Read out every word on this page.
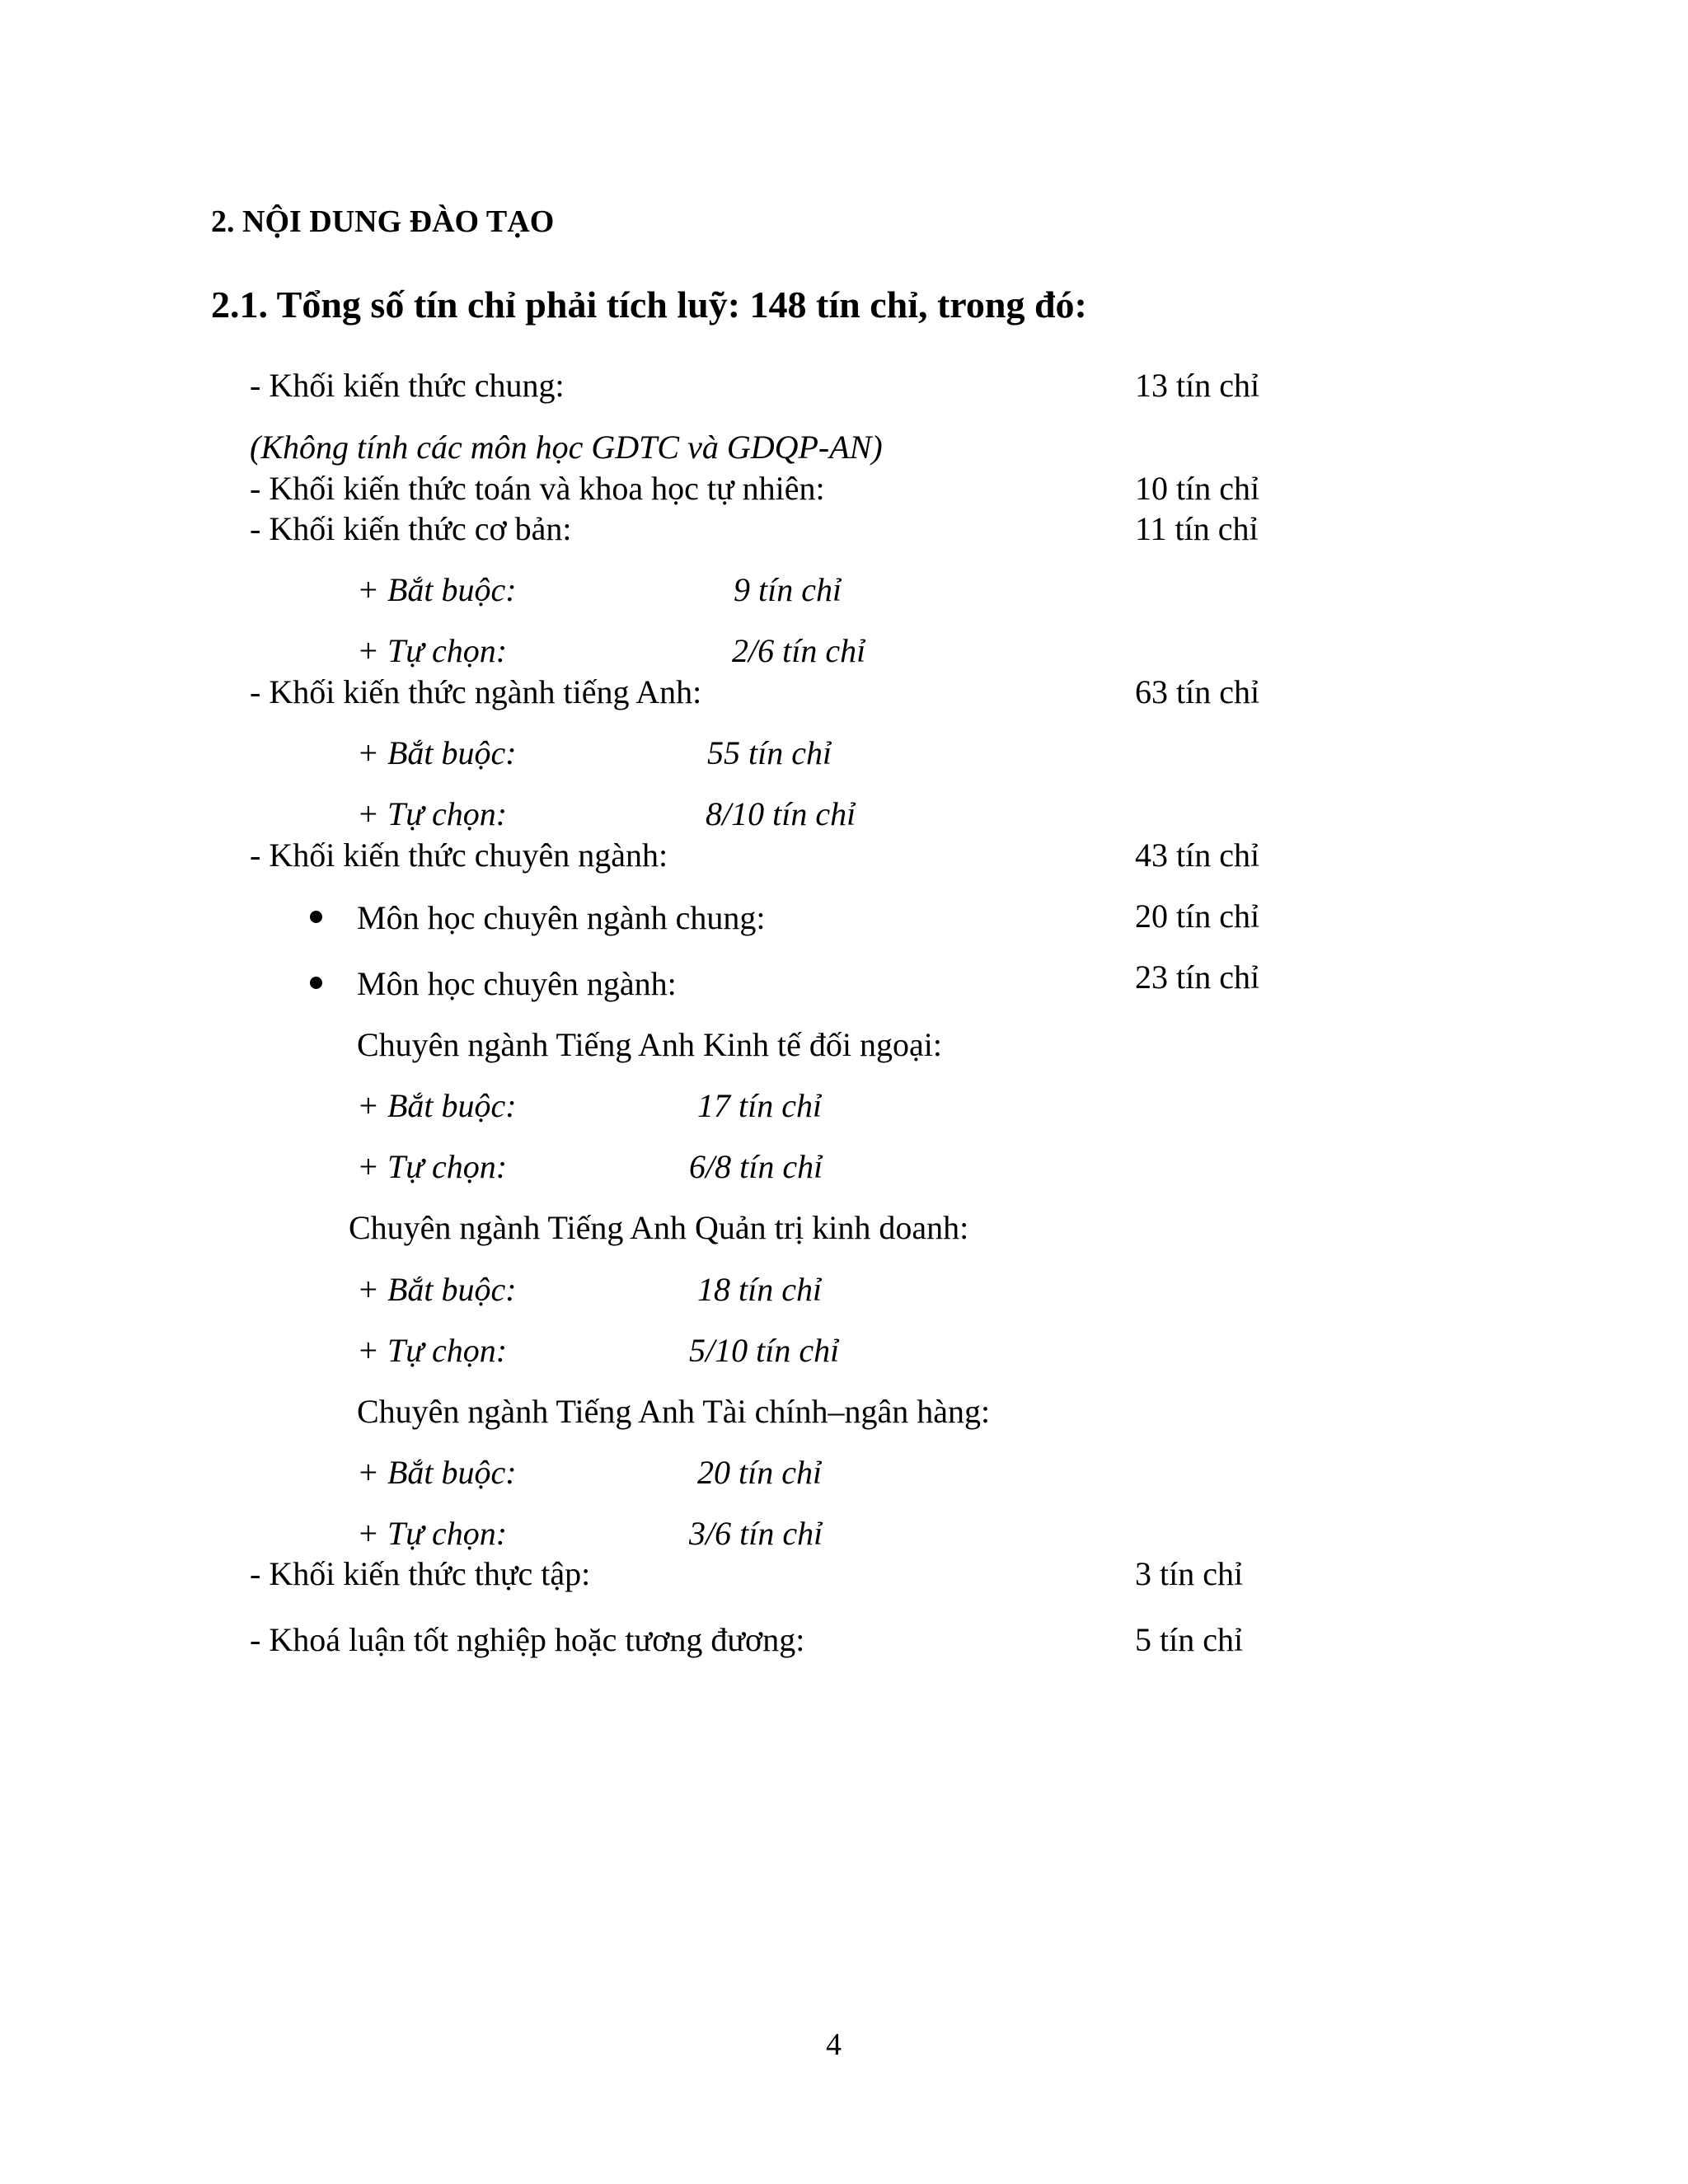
2. NỘI DUNG ĐÀO TẠO
2.1. Tổng số tín chỉ phải tích luỹ: 148 tín chỉ, trong đó:
- Khối kiến thức chung:	13 tín chỉ
(Không tính các môn học GDTC và GDQP-AN)
- Khối kiến thức toán và khoa học tự nhiên:	10 tín chỉ
- Khối kiến thức cơ bản:	11 tín chỉ
+ Bắt buộc:	9 tín chỉ
+ Tự chọn:	2/6 tín chỉ
- Khối kiến thức ngành tiếng Anh:	63 tín chỉ
+ Bắt buộc:	55 tín chỉ
+ Tự chọn:	8/10 tín chỉ
- Khối kiến thức chuyên ngành:	43 tín chỉ
Môn học chuyên ngành chung:	20 tín chỉ
Môn học chuyên ngành:	23 tín chỉ
Chuyên ngành Tiếng Anh Kinh tế đối ngoại:
+ Bắt buộc:	17 tín chỉ
+ Tự chọn:	6/8 tín chỉ
Chuyên ngành Tiếng Anh Quản trị kinh doanh:
+ Bắt buộc:	18 tín chỉ
+ Tự chọn:	5/10 tín chỉ
Chuyên ngành Tiếng Anh Tài chính–ngân hàng:
+ Bắt buộc:	20 tín chỉ
+ Tự chọn:	3/6 tín chỉ
- Khối kiến thức thực tập:	3 tín chỉ
- Khoá luận tốt nghiệp hoặc tương đương:	5 tín chỉ
4
